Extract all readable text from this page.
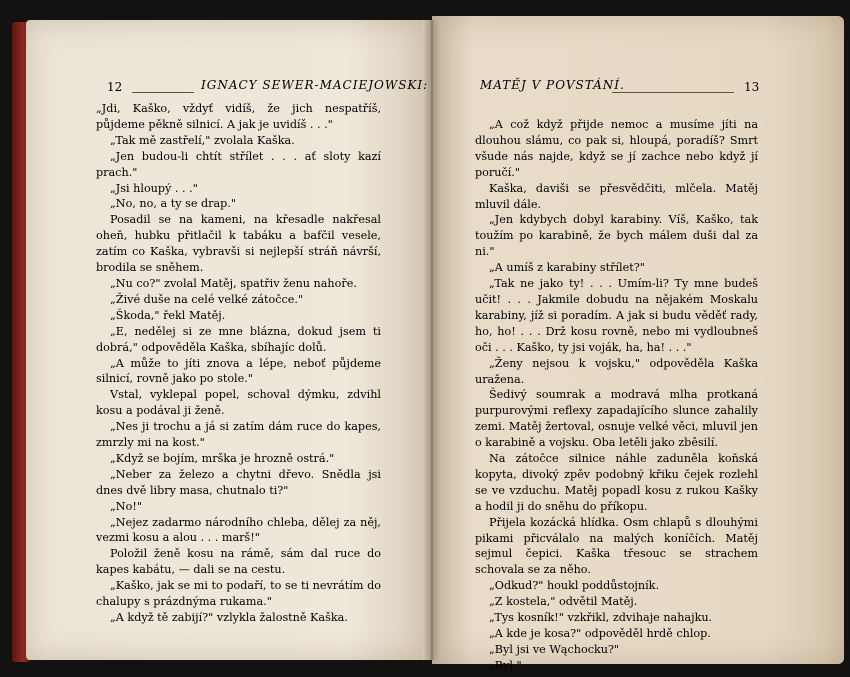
12	IGNACY SEWER-MACIEJOWSKI:	MATĚJ V POVSTÁNÍ.	13

„Jdi, Kaško, vždyť vidíš, že jich nespatříš, půjdeme pěkně silnicí. A jak je uvidíš . . ."

„Tak mě zastřelí," zvolala Kaška.

„Jen budou-li chtít střílet . . . ať sloty kazí prach."

„Jsi hloupý . . ."

„No, no, a ty se drap."

Posadil se na kameni, na křesadle nakřesal oheň, hubku přitlačil k tabáku a bafčil vesele, zatím co Kaška, vybravši si nejlepší stráň návrší, brodila se sněhem.

„Nu co?" zvolal Matěj, spatřiv ženu nahoře.

„Živé duše na celé velké zátočce."

„Škoda," řekl Matěj.

„E, nedělej si ze mne blázna, dokud jsem ti dobrá," odpověděla Kaška, sbíhajíc dolů.

„A může to jíti znova a lépe, neboť půjdeme silnicí, rovně jako po stole."

Vstal, vyklepal popel, schoval dýmku, zdvihl kosu a podával ji ženě.

„Nes ji trochu a já si zatím dám ruce do kapes, zmrzly mi na kost."

„Když se bojím, mrška je hrozně ostrá."

„Neber za železo a chytni dřevo. Snědla jsi dnes dvě libry masa, chutnalo ti?"

„No!"

„Nejez zadarmo národního chleba, dělej za něj, vezmi kosu a alou . . . marš!"

Položil ženě kosu na rámě, sám dal ruce do kapes kabátu, — dali se na cestu.

„Kaško, jak se mi to podaří, to se ti nevrátím do chalupy s prázdnýma rukama."

„A když tě zabijí?" vzlykla žalostně Kaška.

„A což když přijde nemoc a musíme jíti na dlouhou slámu, co pak si, hloupá, poradíš? Smrt všude nás najde, když se jí zachce nebo když jí poručí."

Kaška, daviši se přesvědčiti, mlčela. Matěj mluvil dále.

„Jen kdybych dobyl karabiny. Víš, Kaško, tak toužím po karabině, že bych málem duši dal za ni."

„A umíš z karabiny střílet?"

„Tak ne jako ty! . . . Umím-li? Ty mne budeš učit! . . . Jakmile dobudu na nějakém Moskalu karabiny, jíž si poradím. A jak si budu věděť rady, ho, ho! . . . Drž kosu rovně, nebo mi vydloubneš oči . . . Kaško, ty jsi voják, ha, ha! . . ."

„Ženy nejsou k vojsku," odpověděla Kaška uražena.

Šedivý soumrak a modravá mlha protkaná purpurovými reflexy zapadajícího slunce zahalily zemi. Matěj žertoval, osnuje velké věci, mluvil jen o karabině a vojsku. Oba letěli jako zběsilí.

Na zátočce silnice náhle zaduněla koňská kopyta, divoký zpěv podobný křiku čejek rozlehl se ve vzduchu. Matěj popadl kosu z rukou Kašky a hodil ji do sněhu do příkopu.

Přijela kozácká hlídka. Osm chlapů s dlouhými pikami přicválalo na malých koníčích. Matěj sejmul čepici. Kaška třesouc se strachem schovala se za něho.

„Odkud?" houkl poddůstojník.

„Z kostela," odvětil Matěj.

„Tys kosník!" vzkřikl, zdvihaje nahajku.

„A kde je kosa?" odpověděl hrdě chlop.

„Byl jsi ve Wąchocku?"

„Byl."
